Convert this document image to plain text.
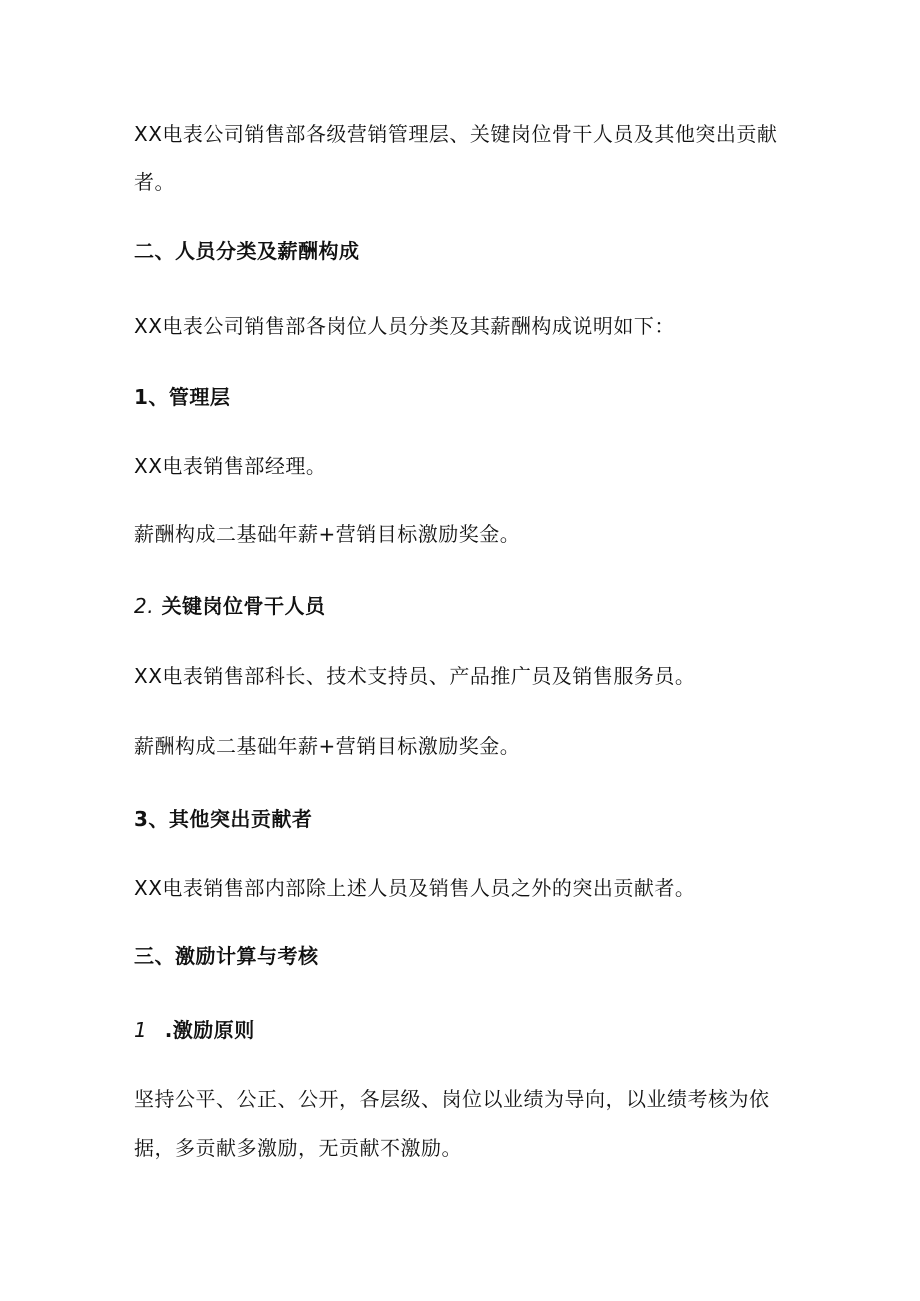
XX电表公司销售部各级营销管理层、关键岗位骨干人员及其他突出贡献
者。
二、人员分类及薪酬构成
XX电表公司销售部各岗位人员分类及其薪酬构成说明如下：
1、管理层
XX电表销售部经理。
薪酬构成二基础年薪+营销目标激励奖金。
2. 关键岗位骨干人员
XX电表销售部科长、技术支持员、产品推广员及销售服务员。
薪酬构成二基础年薪+营销目标激励奖金。
3、其他突出贡献者
XX电表销售部内部除上述人员及销售人员之外的突出贡献者。
三、激励计算与考核
1 .激励原则
坚持公平、公正、公开，各层级、岗位以业绩为导向，以业绩考核为依
据，多贡献多激励，无贡献不激励。
